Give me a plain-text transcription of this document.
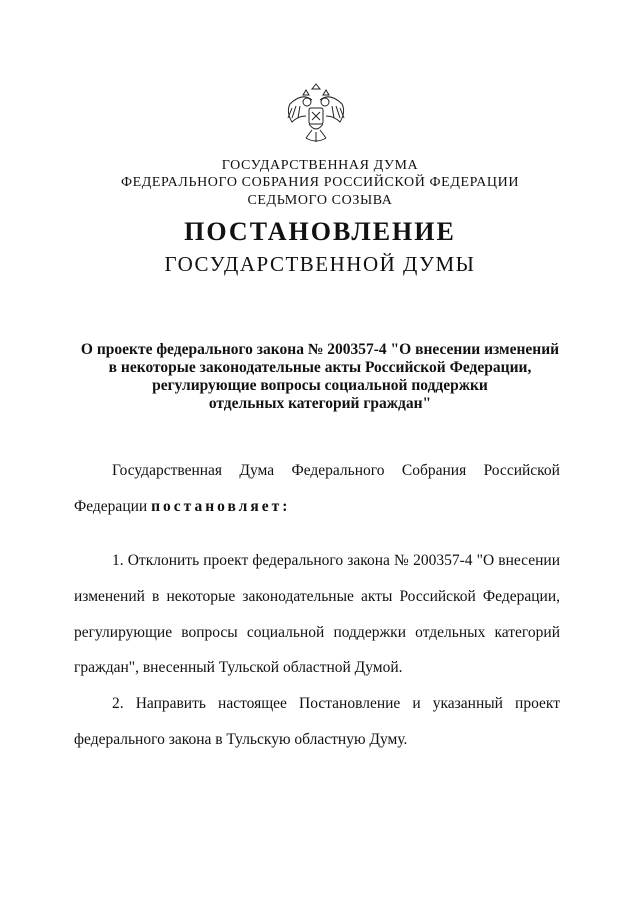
ГОСУДАРСТВЕННАЯ ДУМА
ФЕДЕРАЛЬНОГО СОБРАНИЯ РОССИЙСКОЙ ФЕДЕРАЦИИ
СЕДЬМОГО СОЗЫВА
ПОСТАНОВЛЕНИЕ
ГОСУДАРСТВЕННОЙ ДУМЫ
О проекте федерального закона № 200357-4 "О внесении изменений
в некоторые законодательные акты Российской Федерации,
регулирующие вопросы социальной поддержки
отдельных категорий граждан"
Государственная Дума Федерального Собрания Российской
Федерации постановляет:
1. Отклонить проект федерального закона № 200357-4 "О внесении
изменений в некоторые законодательные акты Российской Федерации,
регулирующие вопросы социальной поддержки отдельных категорий
граждан", внесенный Тульской областной Думой.
2. Направить настоящее Постановление и указанный проект
федерального закона в Тульскую областную Думу.
